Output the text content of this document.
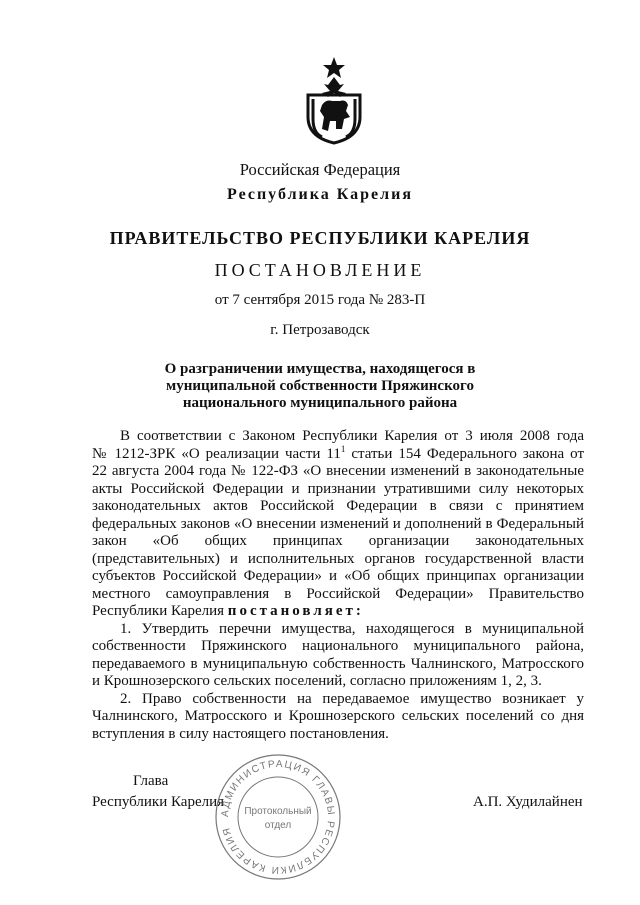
Российская Федерация
Республика Карелия
ПРАВИТЕЛЬСТВО РЕСПУБЛИКИ КАРЕЛИЯ
ПОСТАНОВЛЕНИЕ
от 7 сентября 2015 года № 283-П
г. Петрозаводск
О разграничении имущества, находящегося в
муниципальной собственности Пряжинского
национального муниципального района
В соответствии с Законом Республики Карелия от 3 июля 2008 года
№ 1212-ЗРК «О реализации части $11^1$ статьи 154 Федерального закона от
22 августа 2004 года № 122-ФЗ «О внесении изменений в законодательные
акты Российской Федерации и признании утратившими силу некоторых
законодательных актов Российской Федерации в связи с принятием
федеральных законов «О внесении изменений и дополнений в Федеральный
закон «Об общих принципах организации законодательных
(представительных) и исполнительных органов государственной власти
субъектов Российской Федерации» и «Об общих принципах организации
местного самоуправления в Российской Федерации» Правительство
Республики Карелия постановляет:
1. Утвердить перечни имущества, находящегося в муниципальной
собственности Пряжинского национального муниципального района,
передаваемого в муниципальную собственность Чалнинского, Матросского
и Крошнозерского сельских поселений, согласно приложениям 1, 2, 3.
2. Право собственности на передаваемое имущество возникает у
Чалнинского, Матросского и Крошнозерского сельских поселений со дня
вступления в силу настоящего постановления.
Глава
Республики Карелия	А.П. Худилайнен
АДМИНИСТРАЦИЯ ГЛАВЫ РЕСПУБЛИКИ КАРЕЛИЯ
Протокольный
отдел
